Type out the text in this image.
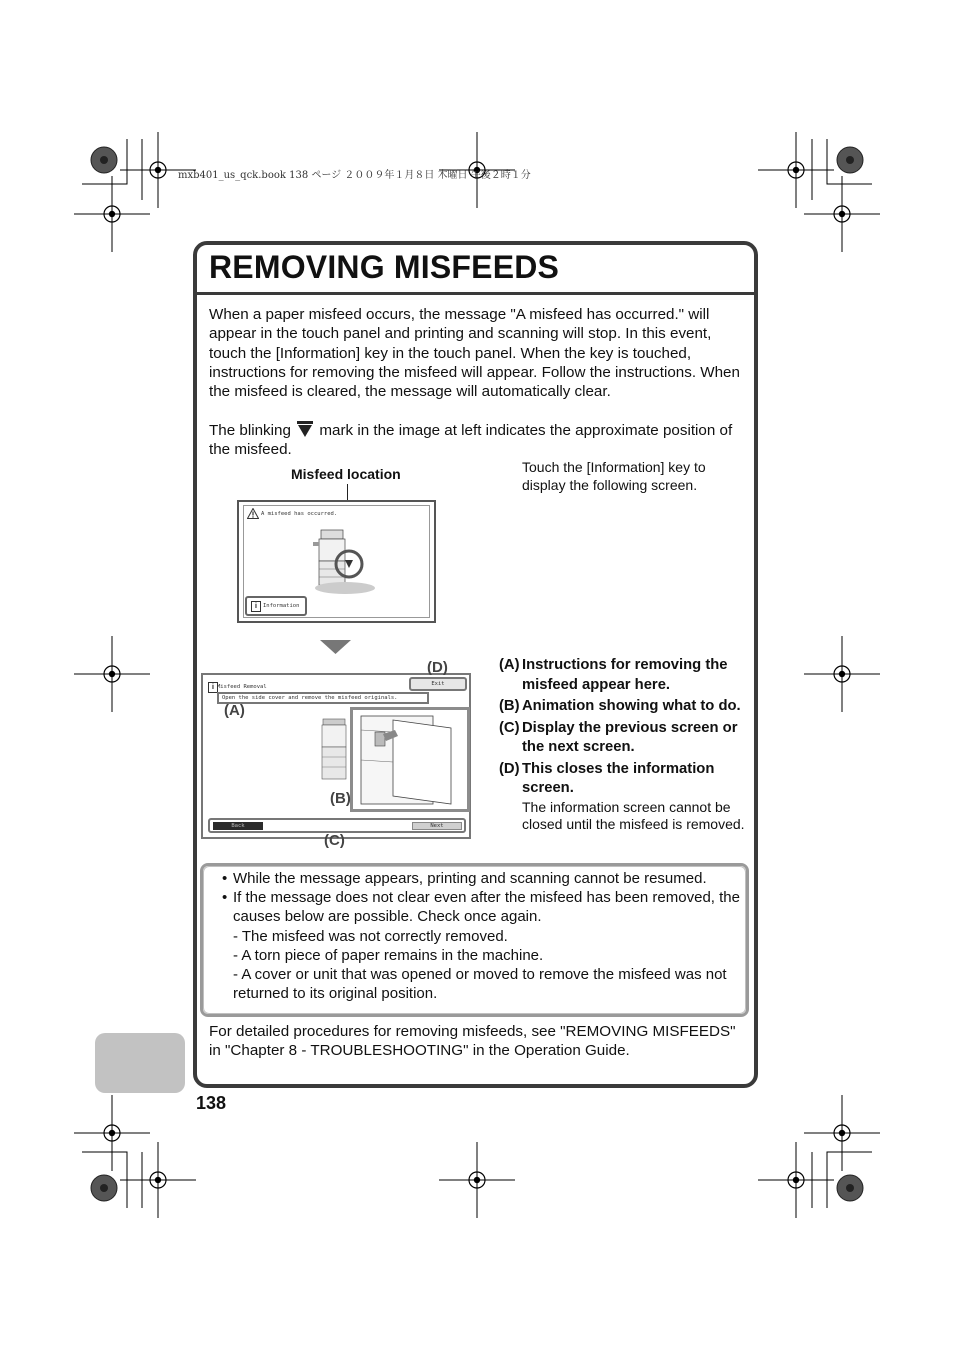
mxb401_us_qck.book 138 ページ ２００９年１月８日 木曜日 午後２時１分
REMOVING MISFEEDS
When a paper misfeed occurs, the message "A misfeed has occurred." will appear in the touch panel and printing and scanning will stop. In this event, touch the [Information] key in the touch panel. When the key is touched, instructions for removing the misfeed will appear. Follow the instructions. When the misfeed is cleared, the message will automatically clear.
The blinking mark in the image at left indicates the approximate position of the misfeed.
Misfeed location	Touch the [Information] key to display the following screen.
A misfeed has occurred.
i	Information
i Misfeed Removal	Exit
Open the side cover and remove the misfeed originals.
Back	Next
(D)
(A)
(B)
(C)
(A) Instructions for removing the misfeed appear here.
(B) Animation showing what to do.
(C) Display the previous screen or the next screen.
(D) This closes the information screen.
The information screen cannot be closed until the misfeed is removed.
• While the message appears, printing and scanning cannot be resumed.
• If the message does not clear even after the misfeed has been removed, the causes below are possible. Check once again.
- The misfeed was not correctly removed.
- A torn piece of paper remains in the machine.
- A cover or unit that was opened or moved to remove the misfeed was not returned to its original position.
For detailed procedures for removing misfeeds, see "REMOVING MISFEEDS" in "Chapter 8 - TROUBLESHOOTING" in the Operation Guide.
138
